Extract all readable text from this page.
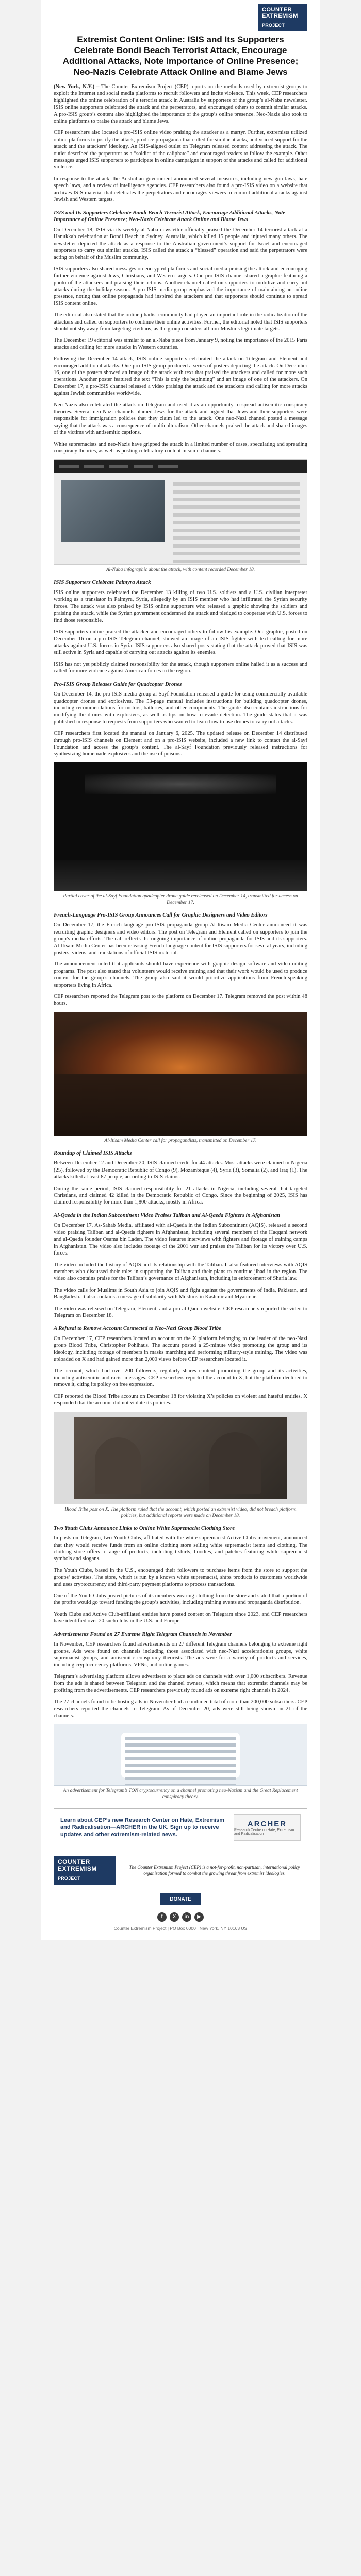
COUNTER EXTREMISM
PROJECT
Extremist Content Online: ISIS and Its Supporters Celebrate Bondi Beach Terrorist Attack, Encourage Additional Attacks, Note Importance of Online Presence; Neo-Nazis Celebrate Attack Online and Blame Jews

(New York, N.Y.) – The Counter Extremism Project (CEP) reports on the methods used by extremist groups to exploit the Internet and social media platforms to recruit followers and incite violence. This week, CEP researchers highlighted the online celebration of a terrorist attack in Australia by supporters of the group’s al-Naba newsletter. ISIS online supporters celebrated the attack and the perpetrators, and encouraged others to commit similar attacks. A pro-ISIS group’s content also highlighted the importance of the group’s online presence. Neo-Nazis also took to online platforms to praise the attack and blame Jews.

CEP researchers also located a pro-ISIS online video praising the attacker as a martyr. Further, extremists utilized online platforms to justify the attack, produce propaganda that called for similar attacks, and voiced support for the attack and the attackers’ ideology. An ISIS-aligned outlet on Telegram released content addressing the attack. The outlet described the perpetrator as a “soldier of the caliphate” and encouraged readers to follow the example. Other messages urged ISIS supporters to participate in online campaigns in support of the attacks and called for additional violence.

In response to the attack, the Australian government announced several measures, including new gun laws, hate speech laws, and a review of intelligence agencies. CEP researchers also found a pro-ISIS video on a website that archives ISIS material that celebrates the perpetrators and encourages viewers to commit additional attacks against Jewish and Western targets.

ISIS and Its Supporters Celebrate Bondi Beach Terrorist Attack, Encourage Additional Attacks, Note Importance of Online Presence; Neo-Nazis Celebrate Attack Online and Blame Jews

On December 18, ISIS via its weekly al-Naba newsletter officially praised the December 14 terrorist attack at a Hanukkah celebration at Bondi Beach in Sydney, Australia, which killed 15 people and injured many others. The newsletter depicted the attack as a response to the Australian government’s support for Israel and encouraged supporters to carry out similar attacks. ISIS called the attack a “blessed” operation and said the perpetrators were acting on behalf of the Muslim community.

ISIS supporters also shared messages on encrypted platforms and social media praising the attack and encouraging further violence against Jews, Christians, and Western targets. One pro-ISIS channel shared a graphic featuring a photo of the attackers and praising their actions. Another channel called on supporters to mobilize and carry out attacks during the holiday season. A pro-ISIS media group emphasized the importance of maintaining an online presence, noting that online propaganda had inspired the attackers and that supporters should continue to spread ISIS content online.

The editorial also stated that the online jihadist community had played an important role in the radicalization of the attackers and called on supporters to continue their online activities. Further, the editorial noted that ISIS supporters should not shy away from targeting civilians, as the group considers all non-Muslims legitimate targets.

The December 19 editorial was similar to an al-Naba piece from January 9, noting the importance of the 2015 Paris attacks and calling for more attacks in Western countries.

Following the December 14 attack, ISIS online supporters celebrated the attack on Telegram and Element and encouraged additional attacks. One pro-ISIS group produced a series of posters depicting the attack. On December 16, one of the posters showed an image of the attack with text that praised the attackers and called for more such operations. Another poster featured the text “This is only the beginning” and an image of one of the attackers. On December 17, a pro-ISIS channel released a video praising the attack and the attackers and calling for more attacks against Jewish communities worldwide.

Neo-Nazis also celebrated the attack on Telegram and used it as an opportunity to spread antisemitic conspiracy theories. Several neo-Nazi channels blamed Jews for the attack and argued that Jews and their supporters were responsible for immigration policies that they claim led to the attack. One neo-Nazi channel posted a message saying that the attack was a consequence of multiculturalism. Other channels praised the attack and shared images of the victims with antisemitic captions.

White supremacists and neo-Nazis have gripped the attack in a limited number of cases, speculating and spreading conspiracy theories, as well as posting celebratory content in some channels.

Al-Naba infographic about the attack, with content recorded December 18.
ISIS Supporters Celebrate Palmyra Attack

ISIS online supporters celebrated the December 13 killing of two U.S. soldiers and a U.S. civilian interpreter working as a translator in Palmyra, Syria, allegedly by an ISIS member who had infiltrated the Syrian security forces. The attack was also praised by ISIS online supporters who released a graphic showing the soldiers and praising the attack, while the Syrian government condemned the attack and pledged to cooperate with U.S. forces to find those responsible.

ISIS supporters online praised the attacker and encouraged others to follow his example. One graphic, posted on December 16 on a pro-ISIS Telegram channel, showed an image of an ISIS fighter with text calling for more attacks against U.S. forces in Syria. ISIS supporters also shared posts stating that the attack proved that ISIS was still active in Syria and capable of carrying out attacks against its enemies.

ISIS has not yet publicly claimed responsibility for the attack, though supporters online hailed it as a success and called for more violence against American forces in the region.

Pro-ISIS Group Releases Guide for Quadcopter Drones

On December 14, the pro-ISIS media group al-Sayf Foundation released a guide for using commercially available quadcopter drones and explosives. The 53-page manual includes instructions for building quadcopter drones, including recommendations for motors, batteries, and other components. The guide also contains instructions for modifying the drones with explosives, as well as tips on how to evade detection. The guide states that it was published in response to requests from supporters who wanted to learn how to use drones to carry out attacks.

CEP researchers first located the manual on January 6, 2025. The updated release on December 14 distributed through pro-ISIS channels on Element and on a pro-ISIS website, included a new link to contact the al-Sayf Foundation and access the group’s content. The al-Sayf Foundation previously released instructions for synthesizing homemade explosives and the use of poisons.

Partial cover of the al-Sayf Foundation quadcopter drone guide rereleased on December 14, transmitted for access on December 17.
French-Language Pro-ISIS Group Announces Call for Graphic Designers and Video Editors

On December 17, the French-language pro-ISIS propaganda group Al-Itisam Media Center announced it was recruiting graphic designers and video editors. The post on Telegram and Element called on supporters to join the group’s media efforts. The call reflects the ongoing importance of online propaganda for ISIS and its supporters. Al-Itisam Media Center has been releasing French-language content for ISIS supporters for several years, including posters, videos, and translations of official ISIS material.

The announcement noted that applicants should have experience with graphic design software and video editing programs. The post also stated that volunteers would receive training and that their work would be used to produce content for the group’s channels. The group also said it would prioritize applications from French-speaking supporters living in Africa.

CEP researchers reported the Telegram post to the platform on December 17. Telegram removed the post within 48 hours.

Al-Itisam Media Center call for propagandists, transmitted on December 17.
Roundup of Claimed ISIS Attacks

Between December 12 and December 20, ISIS claimed credit for 44 attacks. Most attacks were claimed in Nigeria (25), followed by the Democratic Republic of Congo (9), Mozambique (4), Syria (3), Somalia (2), and Iraq (1). The attacks killed at least 87 people, according to ISIS claims.

During the same period, ISIS claimed responsibility for 21 attacks in Nigeria, including several that targeted Christians, and claimed 42 killed in the Democratic Republic of Congo. Since the beginning of 2025, ISIS has claimed responsibility for more than 1,800 attacks, mostly in Africa.

Al-Qaeda in the Indian Subcontinent Video Praises Taliban and Al-Qaeda Fighters in Afghanistan

On December 17, As-Sahab Media, affiliated with al-Qaeda in the Indian Subcontinent (AQIS), released a second video praising Taliban and al-Qaeda fighters in Afghanistan, including several members of the Haqqani network and al-Qaeda founder Osama bin Laden. The video features interviews with fighters and footage of training camps in Afghanistan. The video also includes footage of the 2001 war and praises the Taliban for its victory over U.S. forces.

The video included the history of AQIS and its relationship with the Taliban. It also featured interviews with AQIS members who discussed their roles in supporting the Taliban and their plans to continue jihad in the region. The video also contains praise for the Taliban’s governance of Afghanistan, including its enforcement of Sharia law.

The video calls for Muslims in South Asia to join AQIS and fight against the governments of India, Pakistan, and Bangladesh. It also contains a message of solidarity with Muslims in Kashmir and Myanmar.

The video was released on Telegram, Element, and a pro-al-Qaeda website. CEP researchers reported the video to Telegram on December 18.

A Refusal to Remove Account Connected to Neo-Nazi Group Blood Tribe

On December 17, CEP researchers located an account on the X platform belonging to the leader of the neo-Nazi group Blood Tribe, Christopher Pohlhaus. The account posted a 25-minute video promoting the group and its ideology, including footage of members in masks marching and performing military-style training. The video was uploaded on X and had gained more than 2,000 views before CEP researchers located it.

The account, which had over 200 followers, regularly shares content promoting the group and its activities, including antisemitic and racist messages. CEP researchers reported the account to X, but the platform declined to remove it, citing its policy on free expression.

CEP reported the Blood Tribe account on December 18 for violating X’s policies on violent and hateful entities. X responded that the account did not violate its policies.

Blood Tribe post on X. The platform ruled that the account, which posted an extremist video, did not breach platform policies, but additional reports were made on December 18.
Two Youth Clubs Announce Links to Online White Supremacist Clothing Store

In posts on Telegram, two Youth Clubs, affiliated with the white supremacist Active Clubs movement, announced that they would receive funds from an online clothing store selling white supremacist items and clothing. The clothing store offers a range of products, including t-shirts, hoodies, and patches featuring white supremacist symbols and slogans.

The Youth Clubs, based in the U.S., encouraged their followers to purchase items from the store to support the groups’ activities. The store, which is run by a known white supremacist, ships products to customers worldwide and uses cryptocurrency and third-party payment platforms to process transactions.

One of the Youth Clubs posted pictures of its members wearing clothing from the store and stated that a portion of the profits would go toward funding the group’s activities, including training events and propaganda distribution.

Youth Clubs and Active Club-affiliated entities have posted content on Telegram since 2023, and CEP researchers have identified over 20 such clubs in the U.S. and Europe.

Advertisements Found on 27 Extreme Right Telegram Channels in November

In November, CEP researchers found advertisements on 27 different Telegram channels belonging to extreme right groups. Ads were found on channels including those associated with neo-Nazi accelerationist groups, white supremacist groups, and antisemitic conspiracy theorists. The ads were for a variety of products and services, including cryptocurrency platforms, VPNs, and online games.

Telegram’s advertising platform allows advertisers to place ads on channels with over 1,000 subscribers. Revenue from the ads is shared between Telegram and the channel owners, which means that extremist channels may be profiting from the advertisements. CEP researchers previously found ads on extreme right channels in 2024.

The 27 channels found to be hosting ads in November had a combined total of more than 200,000 subscribers. CEP researchers reported the channels to Telegram. As of December 20, ads were still being shown on 21 of the channels.

An advertisement for Telegram’s TON cryptocurrency on a channel promoting neo-Nazism and the Great Replacement conspiracy theory.
Learn about CEP’s new Research Center on Hate, Extremism and Radicalisation—ARCHER in the UK. Sign up to receive updates and other extremism-related news.
ARCHER
Research Centre on Hate, Extremism and Radicalisation
COUNTER EXTREMISM
PROJECT
The Counter Extremism Project (CEP) is a not-for-profit, non-partisan, international policy organization formed to combat the growing threat from extremist ideologies.
DONATE
f X in ▶
Counter Extremism Project | PO Box 0000 | New York, NY 10163 US
